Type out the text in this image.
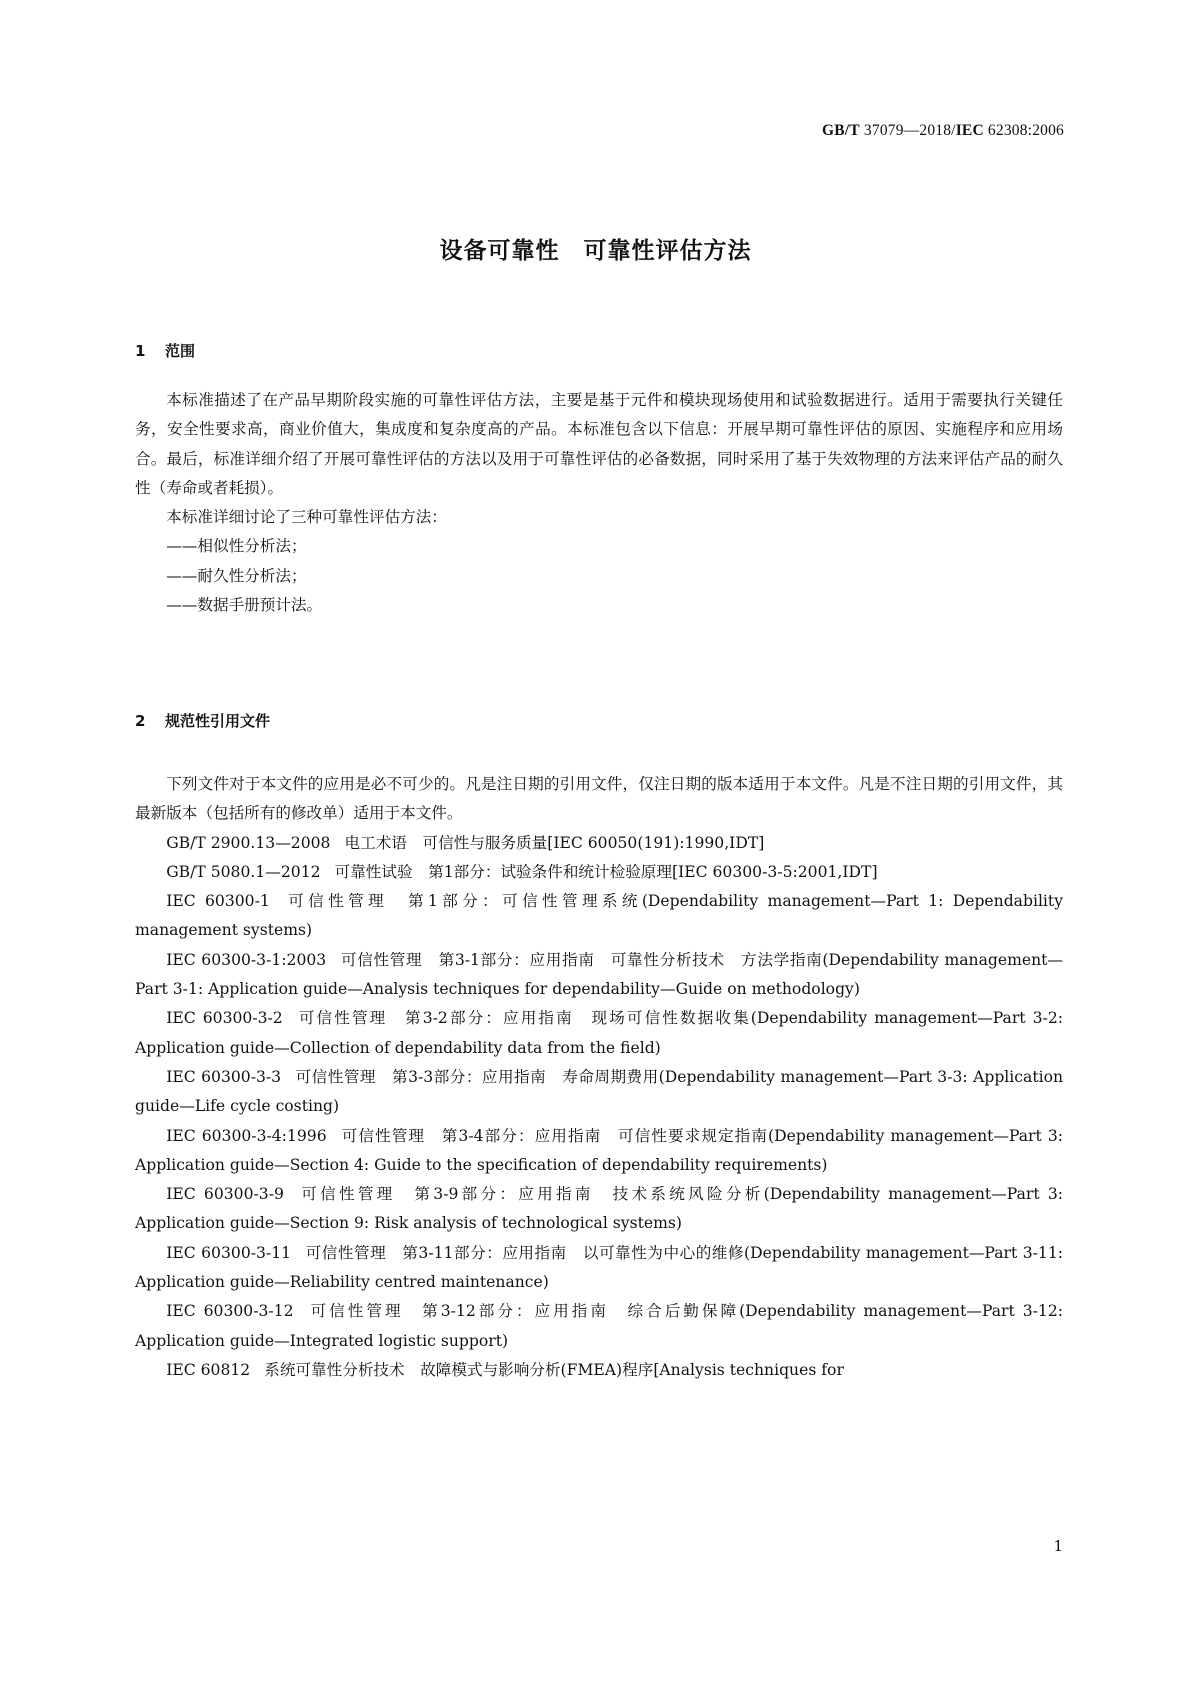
GB/T 37079—2018/IEC 62308:2006
设备可靠性　可靠性评估方法
1 范围

本标准描述了在产品早期阶段实施的可靠性评估方法，主要是基于元件和模块现场使用和试验数据进行。适用于需要执行关键任务，安全性要求高，商业价值大，集成度和复杂度高的产品。本标准包含以下信息：开展早期可靠性评估的原因、实施程序和应用场合。最后，标准详细介绍了开展可靠性评估的方法以及用于可靠性评估的必备数据，同时采用了基于失效物理的方法来评估产品的耐久性（寿命或者耗损）。

本标准详细讨论了三种可靠性评估方法：

——相似性分析法；

——耐久性分析法；

——数据手册预计法。

2 规范性引用文件

下列文件对于本文件的应用是必不可少的。凡是注日期的引用文件，仅注日期的版本适用于本文件。凡是不注日期的引用文件，其最新版本（包括所有的修改单）适用于本文件。

GB/T 2900.13—2008 电工术语　可信性与服务质量[IEC 60050(191):1990,IDT]

GB/T 5080.1—2012 可靠性试验　第1部分：试验条件和统计检验原理[IEC 60300-3-5:2001,IDT]

IEC 60300-1 可信性管理　第1部分：可信性管理系统(Dependability management—Part 1: Dependability management systems)

IEC 60300-3-1:2003 可信性管理　第3-1部分：应用指南　可靠性分析技术　方法学指南(Dependability management—Part 3-1: Application guide—Analysis techniques for dependability—Guide on methodology)

IEC 60300-3-2 可信性管理　第3-2部分：应用指南　现场可信性数据收集(Dependability management—Part 3-2: Application guide—Collection of dependability data from the field)

IEC 60300-3-3 可信性管理　第3-3部分：应用指南　寿命周期费用(Dependability management—Part 3-3: Application guide—Life cycle costing)

IEC 60300-3-4:1996 可信性管理　第3-4部分：应用指南　可信性要求规定指南(Dependability management—Part 3: Application guide—Section 4: Guide to the specification of dependability requirements)

IEC 60300-3-9 可信性管理　第3-9部分：应用指南　技术系统风险分析(Dependability management—Part 3: Application guide—Section 9: Risk analysis of technological systems)

IEC 60300-3-11 可信性管理　第3-11部分：应用指南　以可靠性为中心的维修(Dependability management—Part 3-11: Application guide—Reliability centred maintenance)

IEC 60300-3-12 可信性管理　第3-12部分：应用指南　综合后勤保障(Dependability management—Part 3-12: Application guide—Integrated logistic support)

IEC 60812 系统可靠性分析技术　故障模式与影响分析(FMEA)程序[Analysis techniques for

1
